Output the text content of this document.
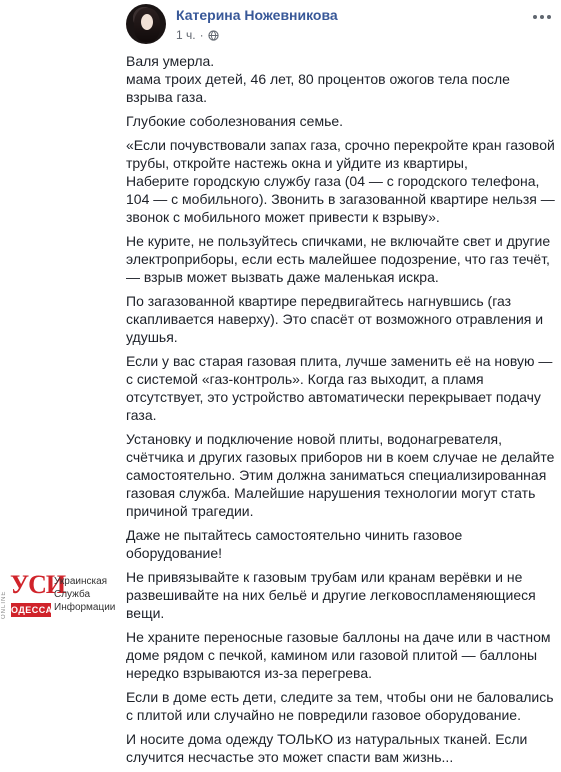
Катерина Ножевникова
1 ч. ·

Валя умерла.
мама троих детей, 46 лет, 80 процентов ожогов тела после взрыва газа.

Глубокие соболезнования семье.

«Если почувствовали запах газа, срочно перекройте кран газовой трубы, откройте настежь окна и уйдите из квартиры,
Наберите городскую службу газа (04 — с городского телефона, 104 — с мобильного). Звонить в загазованной квартире нельзя — звонок с мобильного может привести к взрыву».

Не курите, не пользуйтесь спичками, не включайте свет и другие электроприборы, если есть малейшее подозрение, что газ течёт, — взрыв может вызвать даже маленькая искра.

По загазованной квартире передвигайтесь нагнувшись (газ скапливается наверху). Это спасёт от возможного отравления и удушья.

Если у вас старая газовая плита, лучше заменить её на новую — с системой «газ-контроль». Когда газ выходит, а пламя отсутствует, это устройство автоматически перекрывает подачу газа.

Установку и подключение новой плиты, водонагревателя, счётчика и других газовых приборов ни в коем случае не делайте самостоятельно. Этим должна заниматься специализированная газовая служба. Малейшие нарушения технологии могут стать причиной трагедии.

Даже не пытайтесь самостоятельно чинить газовое оборудование!

Не привязывайте к газовым трубам или кранам верёвки и не развешивайте на них бельё и другие легковоспламеняющиеся вещи.

Не храните переносные газовые баллоны на даче или в частном доме рядом с печкой, камином или газовой плитой — баллоны нередко взрываются из-за перегрева.

Если в доме есть дети, следите за тем, чтобы они не баловались с плитой или случайно не повредили газовое оборудование.

И носите дома одежду ТОЛЬКО из натуральных тканей. Если случится несчастье это может спасти вам жизнь...

ONLINE
УСИ
ОДЕССА
Украинская
Служба
Информации
